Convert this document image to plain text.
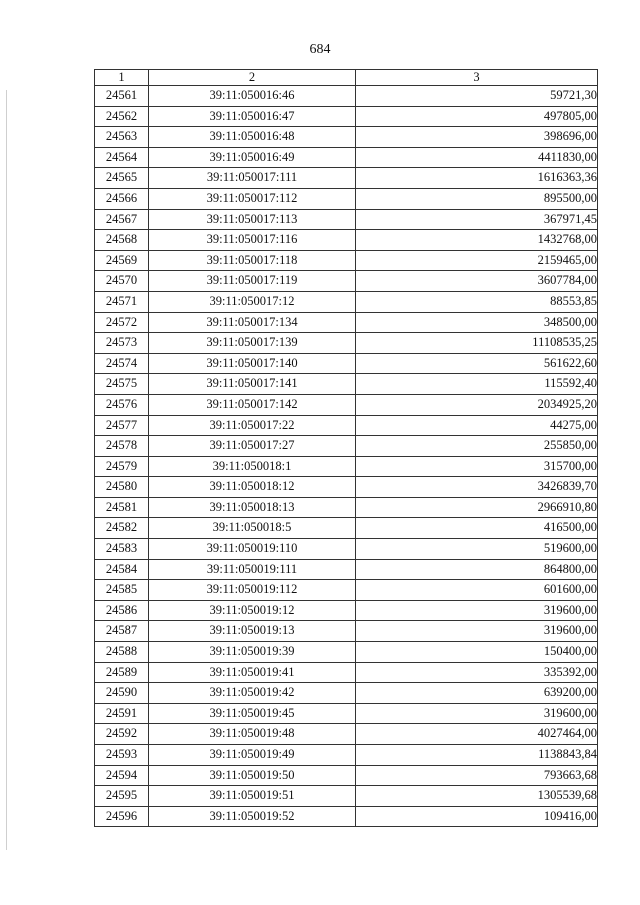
684
1	2	3
24561	39:11:050016:46	59721,30
24562	39:11:050016:47	497805,00
24563	39:11:050016:48	398696,00
24564	39:11:050016:49	4411830,00
24565	39:11:050017:111	1616363,36
24566	39:11:050017:112	895500,00
24567	39:11:050017:113	367971,45
24568	39:11:050017:116	1432768,00
24569	39:11:050017:118	2159465,00
24570	39:11:050017:119	3607784,00
24571	39:11:050017:12	88553,85
24572	39:11:050017:134	348500,00
24573	39:11:050017:139	11108535,25
24574	39:11:050017:140	561622,60
24575	39:11:050017:141	115592,40
24576	39:11:050017:142	2034925,20
24577	39:11:050017:22	44275,00
24578	39:11:050017:27	255850,00
24579	39:11:050018:1	315700,00
24580	39:11:050018:12	3426839,70
24581	39:11:050018:13	2966910,80
24582	39:11:050018:5	416500,00
24583	39:11:050019:110	519600,00
24584	39:11:050019:111	864800,00
24585	39:11:050019:112	601600,00
24586	39:11:050019:12	319600,00
24587	39:11:050019:13	319600,00
24588	39:11:050019:39	150400,00
24589	39:11:050019:41	335392,00
24590	39:11:050019:42	639200,00
24591	39:11:050019:45	319600,00
24592	39:11:050019:48	4027464,00
24593	39:11:050019:49	1138843,84
24594	39:11:050019:50	793663,68
24595	39:11:050019:51	1305539,68
24596	39:11:050019:52	109416,00
